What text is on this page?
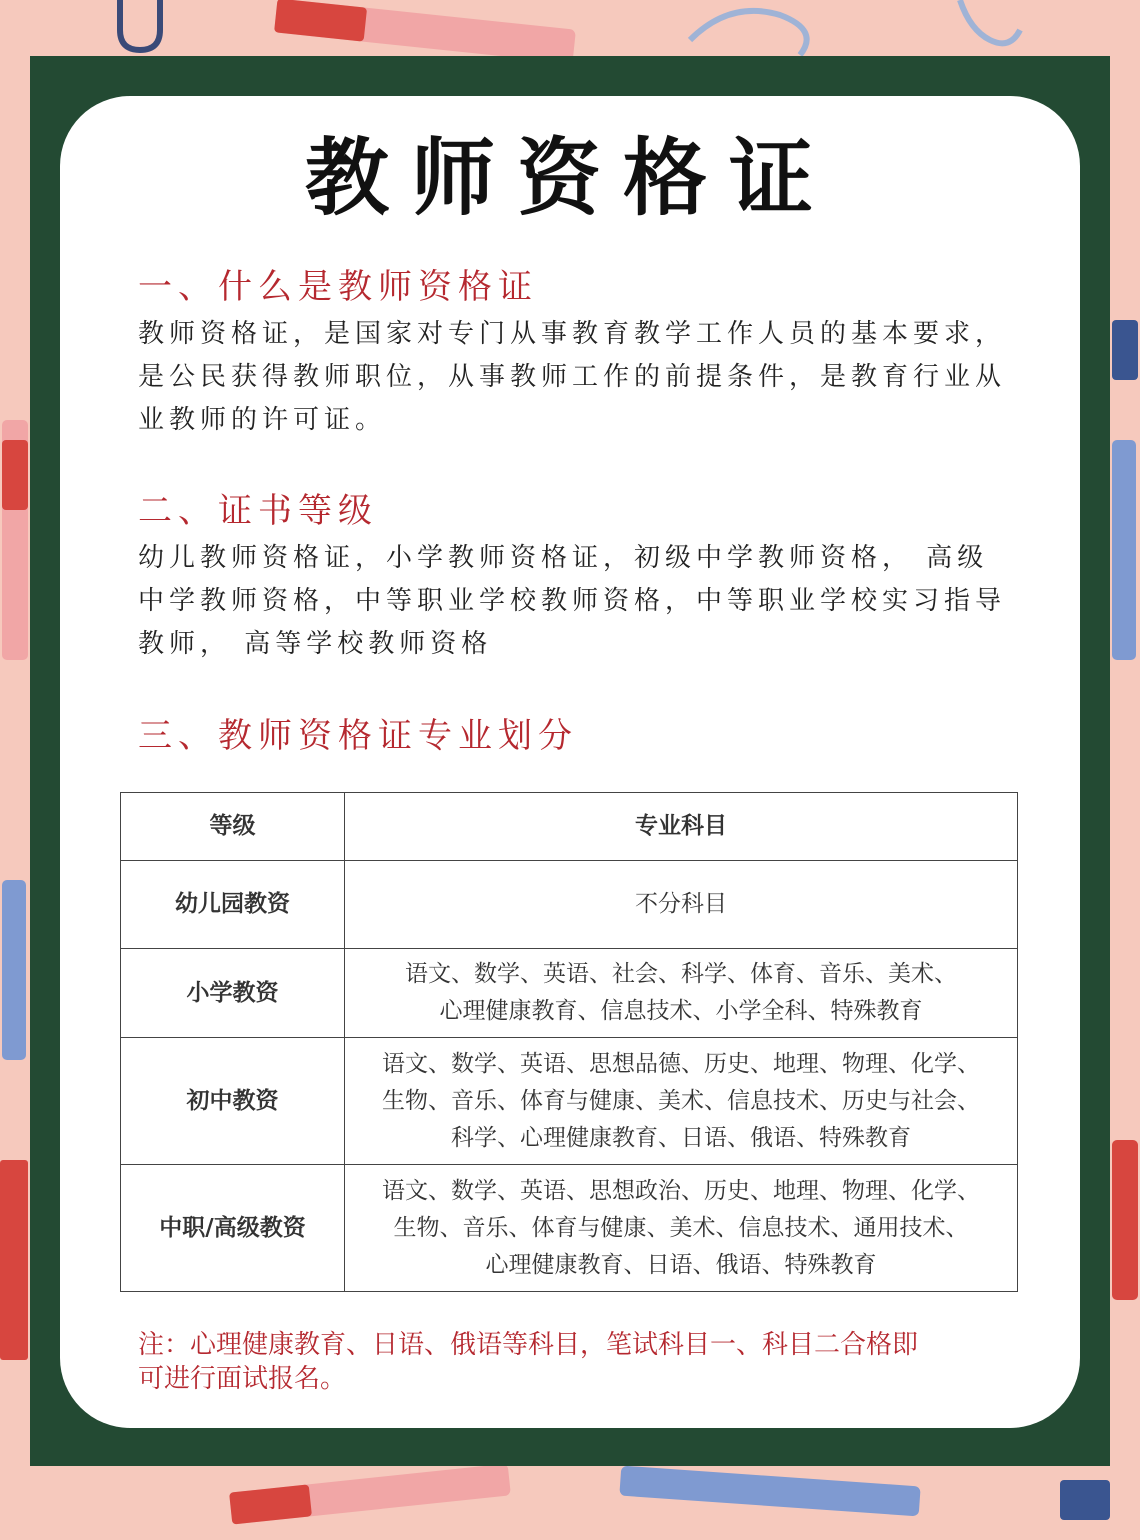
教师资格证
一、什么是教师资格证

教师资格证，是国家对专门从事教育教学工作人员的基本要求，
是公民获得教师职位，从事教师工作的前提条件，是教育行业从
业教师的许可证。

二、证书等级

幼儿教师资格证，小学教师资格证，初级中学教师资格， 高级
中学教师资格，中等职业学校教师资格，中等职业学校实习指导
教师， 高等学校教师资格

三、教师资格证专业划分
等级	专业科目
幼儿园教资	不分科目
小学教资	语文、数学、英语、社会、科学、体育、音乐、美术、
心理健康教育、信息技术、小学全科、特殊教育
初中教资	语文、数学、英语、思想品德、历史、地理、物理、化学、
生物、音乐、体育与健康、美术、信息技术、历史与社会、
科学、心理健康教育、日语、俄语、特殊教育
中职/高级教资	语文、数学、英语、思想政治、历史、地理、物理、化学、
生物、音乐、体育与健康、美术、信息技术、通用技术、
心理健康教育、日语、俄语、特殊教育

注：心理健康教育、日语、俄语等科目，笔试科目一、科目二合格即
可进行面试报名。
